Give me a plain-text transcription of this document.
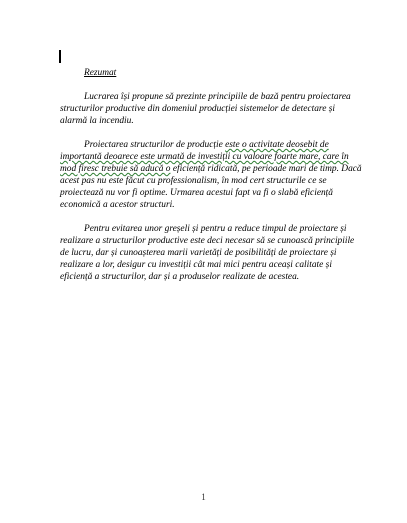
Rezumat

Lucrarea își propune să prezinte principiile de bază pentru proiectarea structurilor productive din domeniul producției sistemelor de detectare și alarmă la incendiu.

Proiectarea structurilor de producție este o activitate deosebit de importantă deoarece este urmată de investiții cu valoare foarte mare, care în mod firesc trebuie să aducă o eficiență ridicată, pe perioade mari de timp. Dacă acest pas nu este făcut cu professionalism, în mod cert structurile ce se proiectează nu vor fi optime. Urmarea acestui fapt va fi o slabă eficiență economică a acestor structuri.

Pentru evitarea unor greșeli și pentru a reduce timpul de proiectare și realizare a structurilor productive este deci necesar să se cunoască principiile de lucru, dar și cunoașterea marii varietăți de posibilități de proiectare și realizare a lor, desigur cu investiții cât mai mici pentru aceași calitate și eficiență a structurilor, dar și a produselor realizate de acestea.

1
